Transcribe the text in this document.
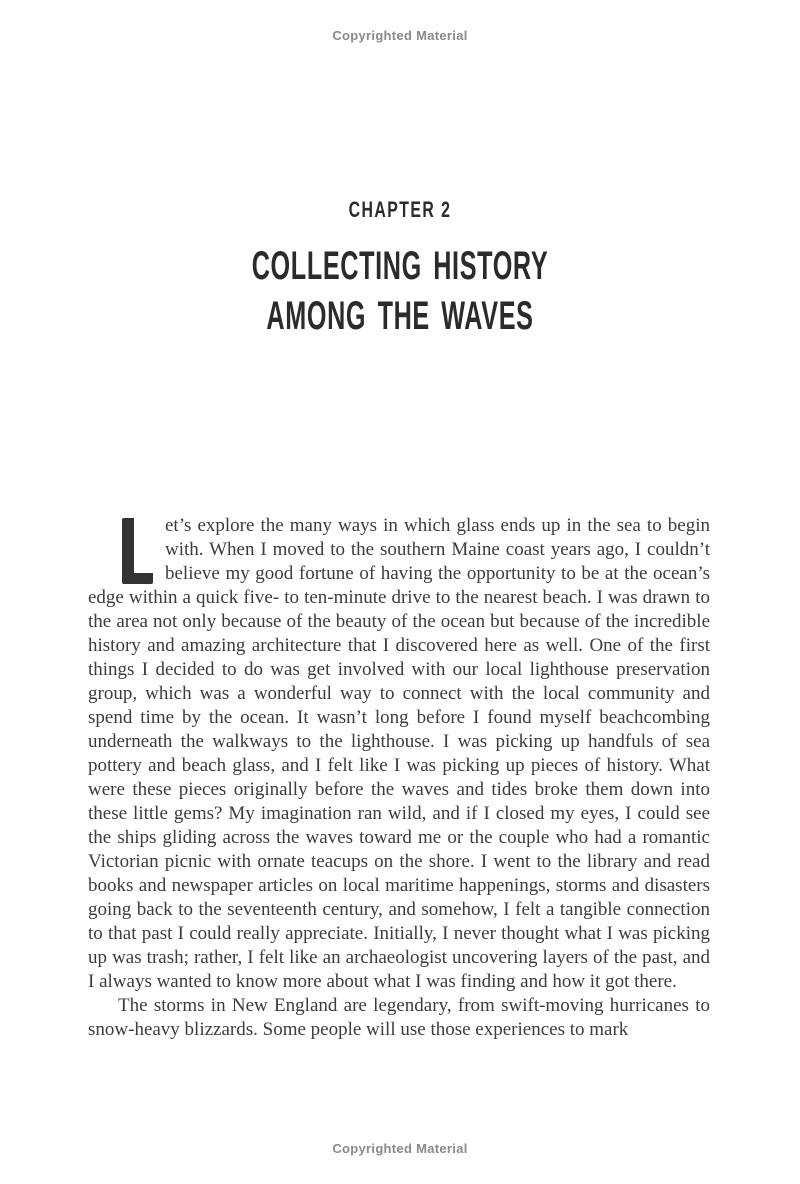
Copyrighted Material
CHAPTER 2
COLLECTING HISTORY
AMONG THE WAVES

et’s explore the many ways in which glass ends up in the sea to begin with. When I moved to the southern Maine coast years ago, I couldn’t believe my good fortune of having the opportunity to be at the ocean’s edge within a quick five- to ten-minute drive to the nearest beach. I was drawn to the area not only because of the beauty of the ocean but because of the incredible history and amazing architecture that I discovered here as well. One of the first things I decided to do was get involved with our local lighthouse preservation group, which was a wonderful way to connect with the local community and spend time by the ocean. It wasn’t long before I found myself beachcombing underneath the walkways to the lighthouse. I was picking up handfuls of sea pottery and beach glass, and I felt like I was picking up pieces of history. What were these pieces originally before the waves and tides broke them down into these little gems? My imagination ran wild, and if I closed my eyes, I could see the ships gliding across the waves toward me or the couple who had a romantic Victorian picnic with ornate teacups on the shore. I went to the library and read books and newspaper articles on local maritime happenings, storms and disasters going back to the seventeenth century, and somehow, I felt a tangible connection to that past I could really appreciate. Initially, I never thought what I was picking up was trash; rather, I felt like an archaeologist uncovering layers of the past, and I always wanted to know more about what I was finding and how it got there.

The storms in New England are legendary, from swift-moving hurricanes to snow-heavy blizzards. Some people will use those experiences to mark

Copyrighted Material
